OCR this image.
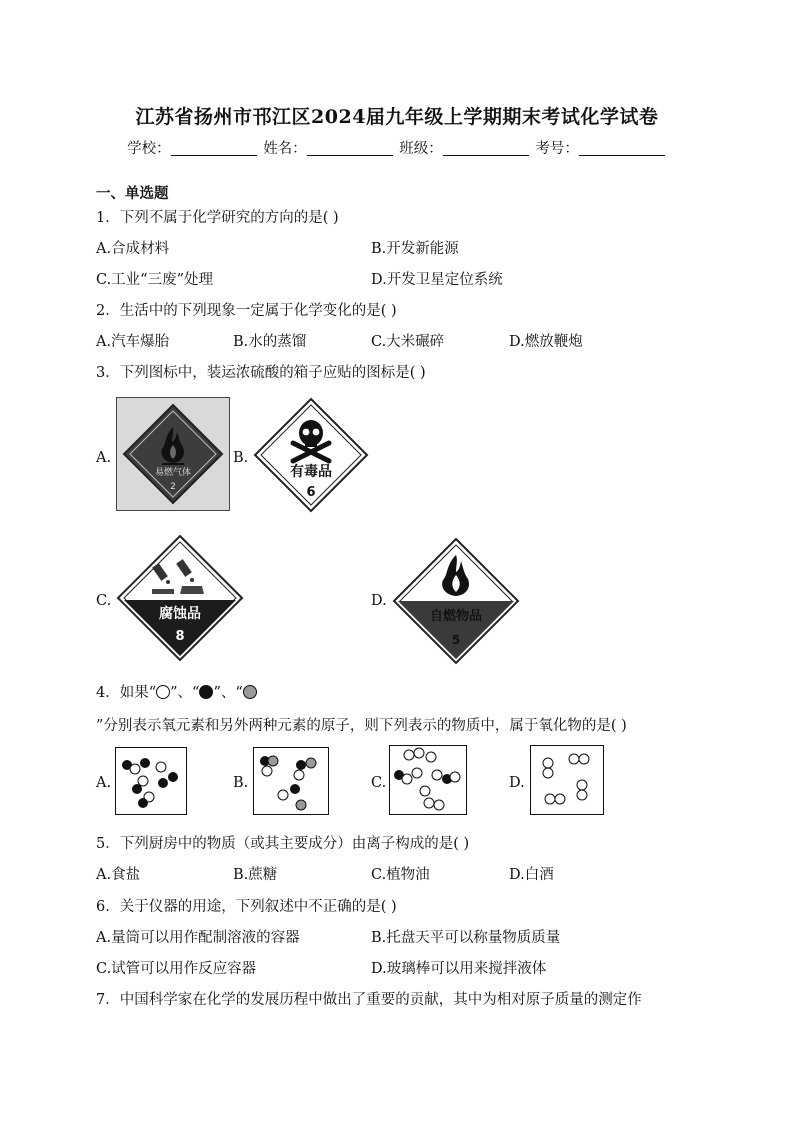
江苏省扬州市邗江区2024届九年级上学期期末考试化学试卷
学校：	姓名：	班级：	考号：
一、单选题
1．下列不属于化学研究的方向的是( )
A.合成材料	B.开发新能源
C.工业“三废”处理	D.开发卫星定位系统
2．生活中的下列现象一定属于化学变化的是( )
A.汽车爆胎	B.水的蒸馏	C.大米碾碎	D.燃放鞭炮
3．下列图标中，装运浓硫酸的箱子应贴的图标是( )
A.
易燃气体
2
B.
有毒品
6
C.
腐蚀品
8
D.
自燃物品
5
4．如果“ ”、“ ”、“
”分别表示氧元素和另外两种元素的原子，则下列表示的物质中，属于氧化物的是( )
A.	B.	C.	D.
5．下列厨房中的物质（或其主要成分）由离子构成的是( )
A.食盐	B.蔗糖	C.植物油	D.白酒
6．关于仪器的用途，下列叙述中不正确的是( )
A.量筒可以用作配制溶液的容器	B.托盘天平可以称量物质质量
C.试管可以用作反应容器	D.玻璃棒可以用来搅拌液体
7．中国科学家在化学的发展历程中做出了重要的贡献，其中为相对原子质量的测定作
